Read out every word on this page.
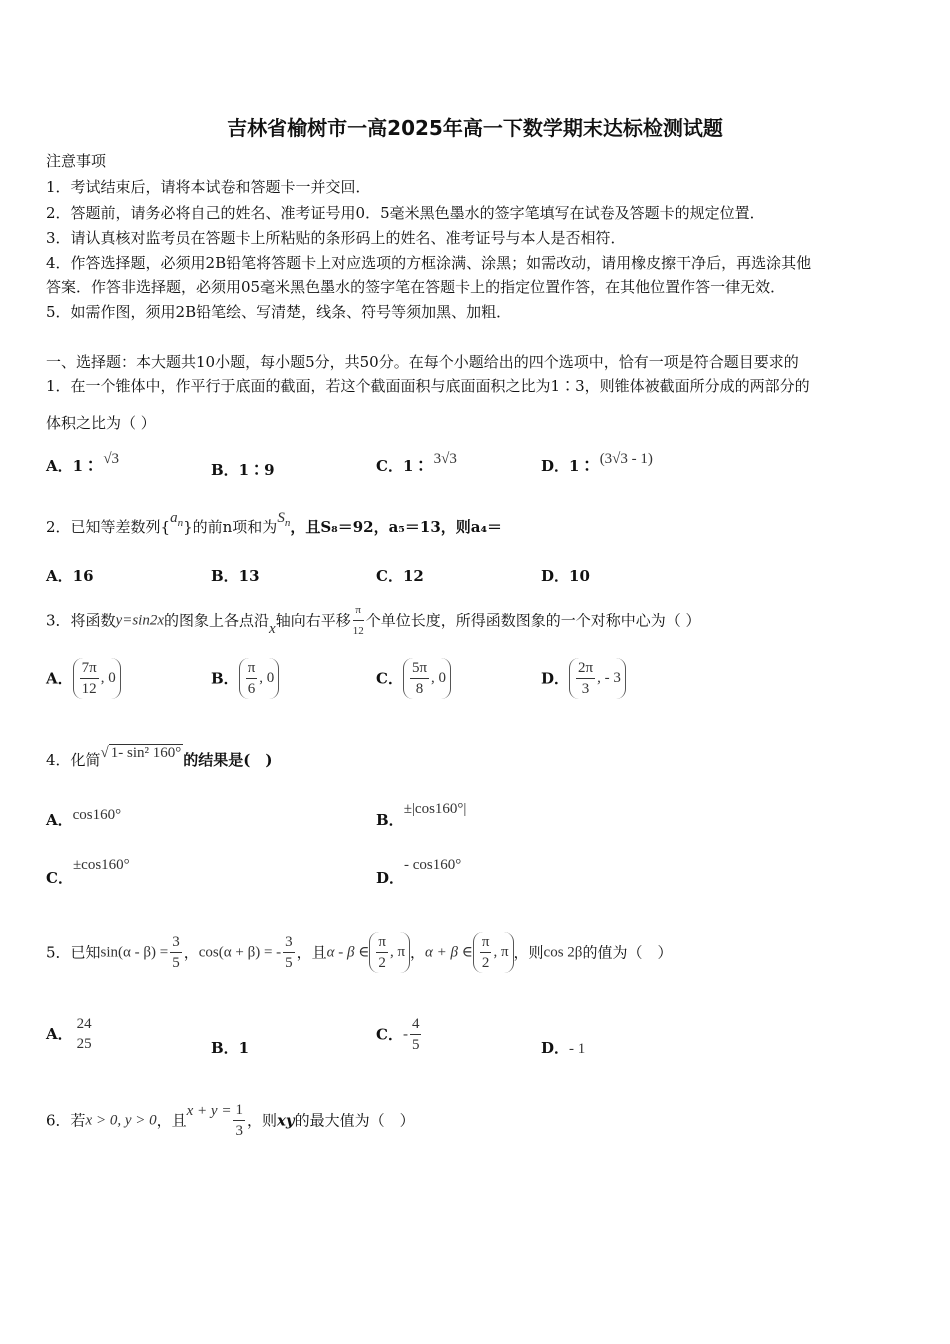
吉林省榆树市一高2025年高一下数学期末达标检测试题
注意事项
1．考试结束后，请将本试卷和答题卡一并交回．
2．答题前，请务必将自己的姓名、准考证号用0．5毫米黑色墨水的签字笔填写在试卷及答题卡的规定位置．
3．请认真核对监考员在答题卡上所粘贴的条形码上的姓名、准考证号与本人是否相符．
4．作答选择题，必须用2B铅笔将答题卡上对应选项的方框涂满、涂黑；如需改动，请用橡皮擦干净后，再选涂其他
答案．作答非选择题，必须用05毫米黑色墨水的签字笔在答题卡上的指定位置作答，在其他位置作答一律无效．
5．如需作图，须用2B铅笔绘、写清楚，线条、符号等须加黑、加粗．
一、选择题：本大题共10小题，每小题5分，共50分。在每个小题给出的四个选项中，恰有一项是符合题目要求的
1．在一个锥体中，作平行于底面的截面，若这个截面面积与底面面积之比为1∶3，则锥体被截面所分成的两部分的
体积之比为（ ）
A．1∶ √3
B．1∶9	C．1∶ 3√3	D．1∶ (3√3 - 1)
2．已知等差数列$\{a_n\}$的前n项和为$S_n$，且S₈＝92，a₅＝13，则a₄＝
A．16	B．13	C．12	D．10
3．将函数y=sin2x的图象上各点沿x轴向右平移 $\frac{\pi}{12}$ 个单位长度，所得函数图象的一个对称中心为（ ）
A． $\frac{7\pi}{12}$ , 0	B． $\frac{\pi}{6}$ , 0	C． $\frac{5\pi}{8}$ , 0	D． $\frac{2\pi}{3}$ , - 3
4．化简√ 1- sin² 160° 的结果是(　)
A．cos160°	B．±|cos160°|
C．±cos160°
D．- cos160°
5．已知$\sin(\alpha - \beta) = \frac{3}{5}$ ，cos(α + β) = - $\frac{3}{5}$ ，且α - β ∈ $\frac{\pi}{2}$ , π ，α + β ∈ $\frac{\pi}{2}$ , π ，则cos 2β的值为（　）
A．
24
25	B．1
C．- $\frac{4}{5}$	D．- 1
6．若x > 0, y > 0，且$x + y = \frac{1}{3}$ ，则xy的最大值为（　）
